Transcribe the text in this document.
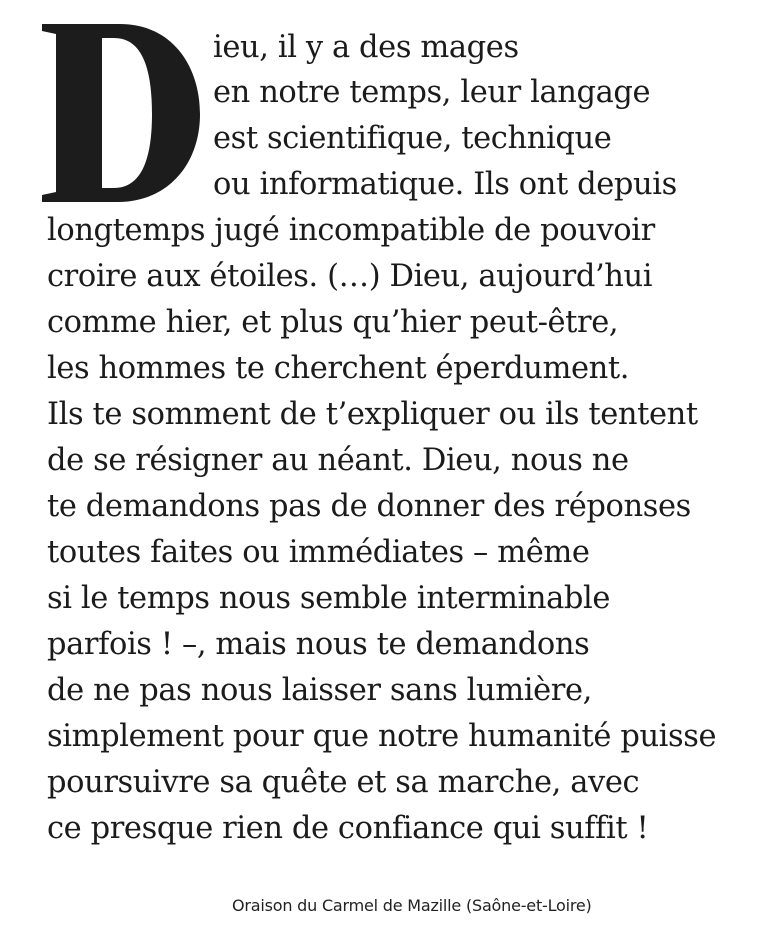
ieu, il y a des mages
en notre temps, leur langage
est scientifique, technique
ou informatique. Ils ont depuis
longtemps jugé incompatible de pouvoir
croire aux étoiles. (…) Dieu, aujourd’hui
comme hier, et plus qu’hier peut-être,
les hommes te cherchent éperdument.
Ils te somment de t’expliquer ou ils tentent
de se résigner au néant. Dieu, nous ne
te demandons pas de donner des réponses
toutes faites ou immédiates – même
si le temps nous semble interminable
parfois ! –, mais nous te demandons
de ne pas nous laisser sans lumière,
simplement pour que notre humanité puisse
poursuivre sa quête et sa marche, avec
ce presque rien de confiance qui suffit !
Oraison du Carmel de Mazille (Saône-et-Loire)
